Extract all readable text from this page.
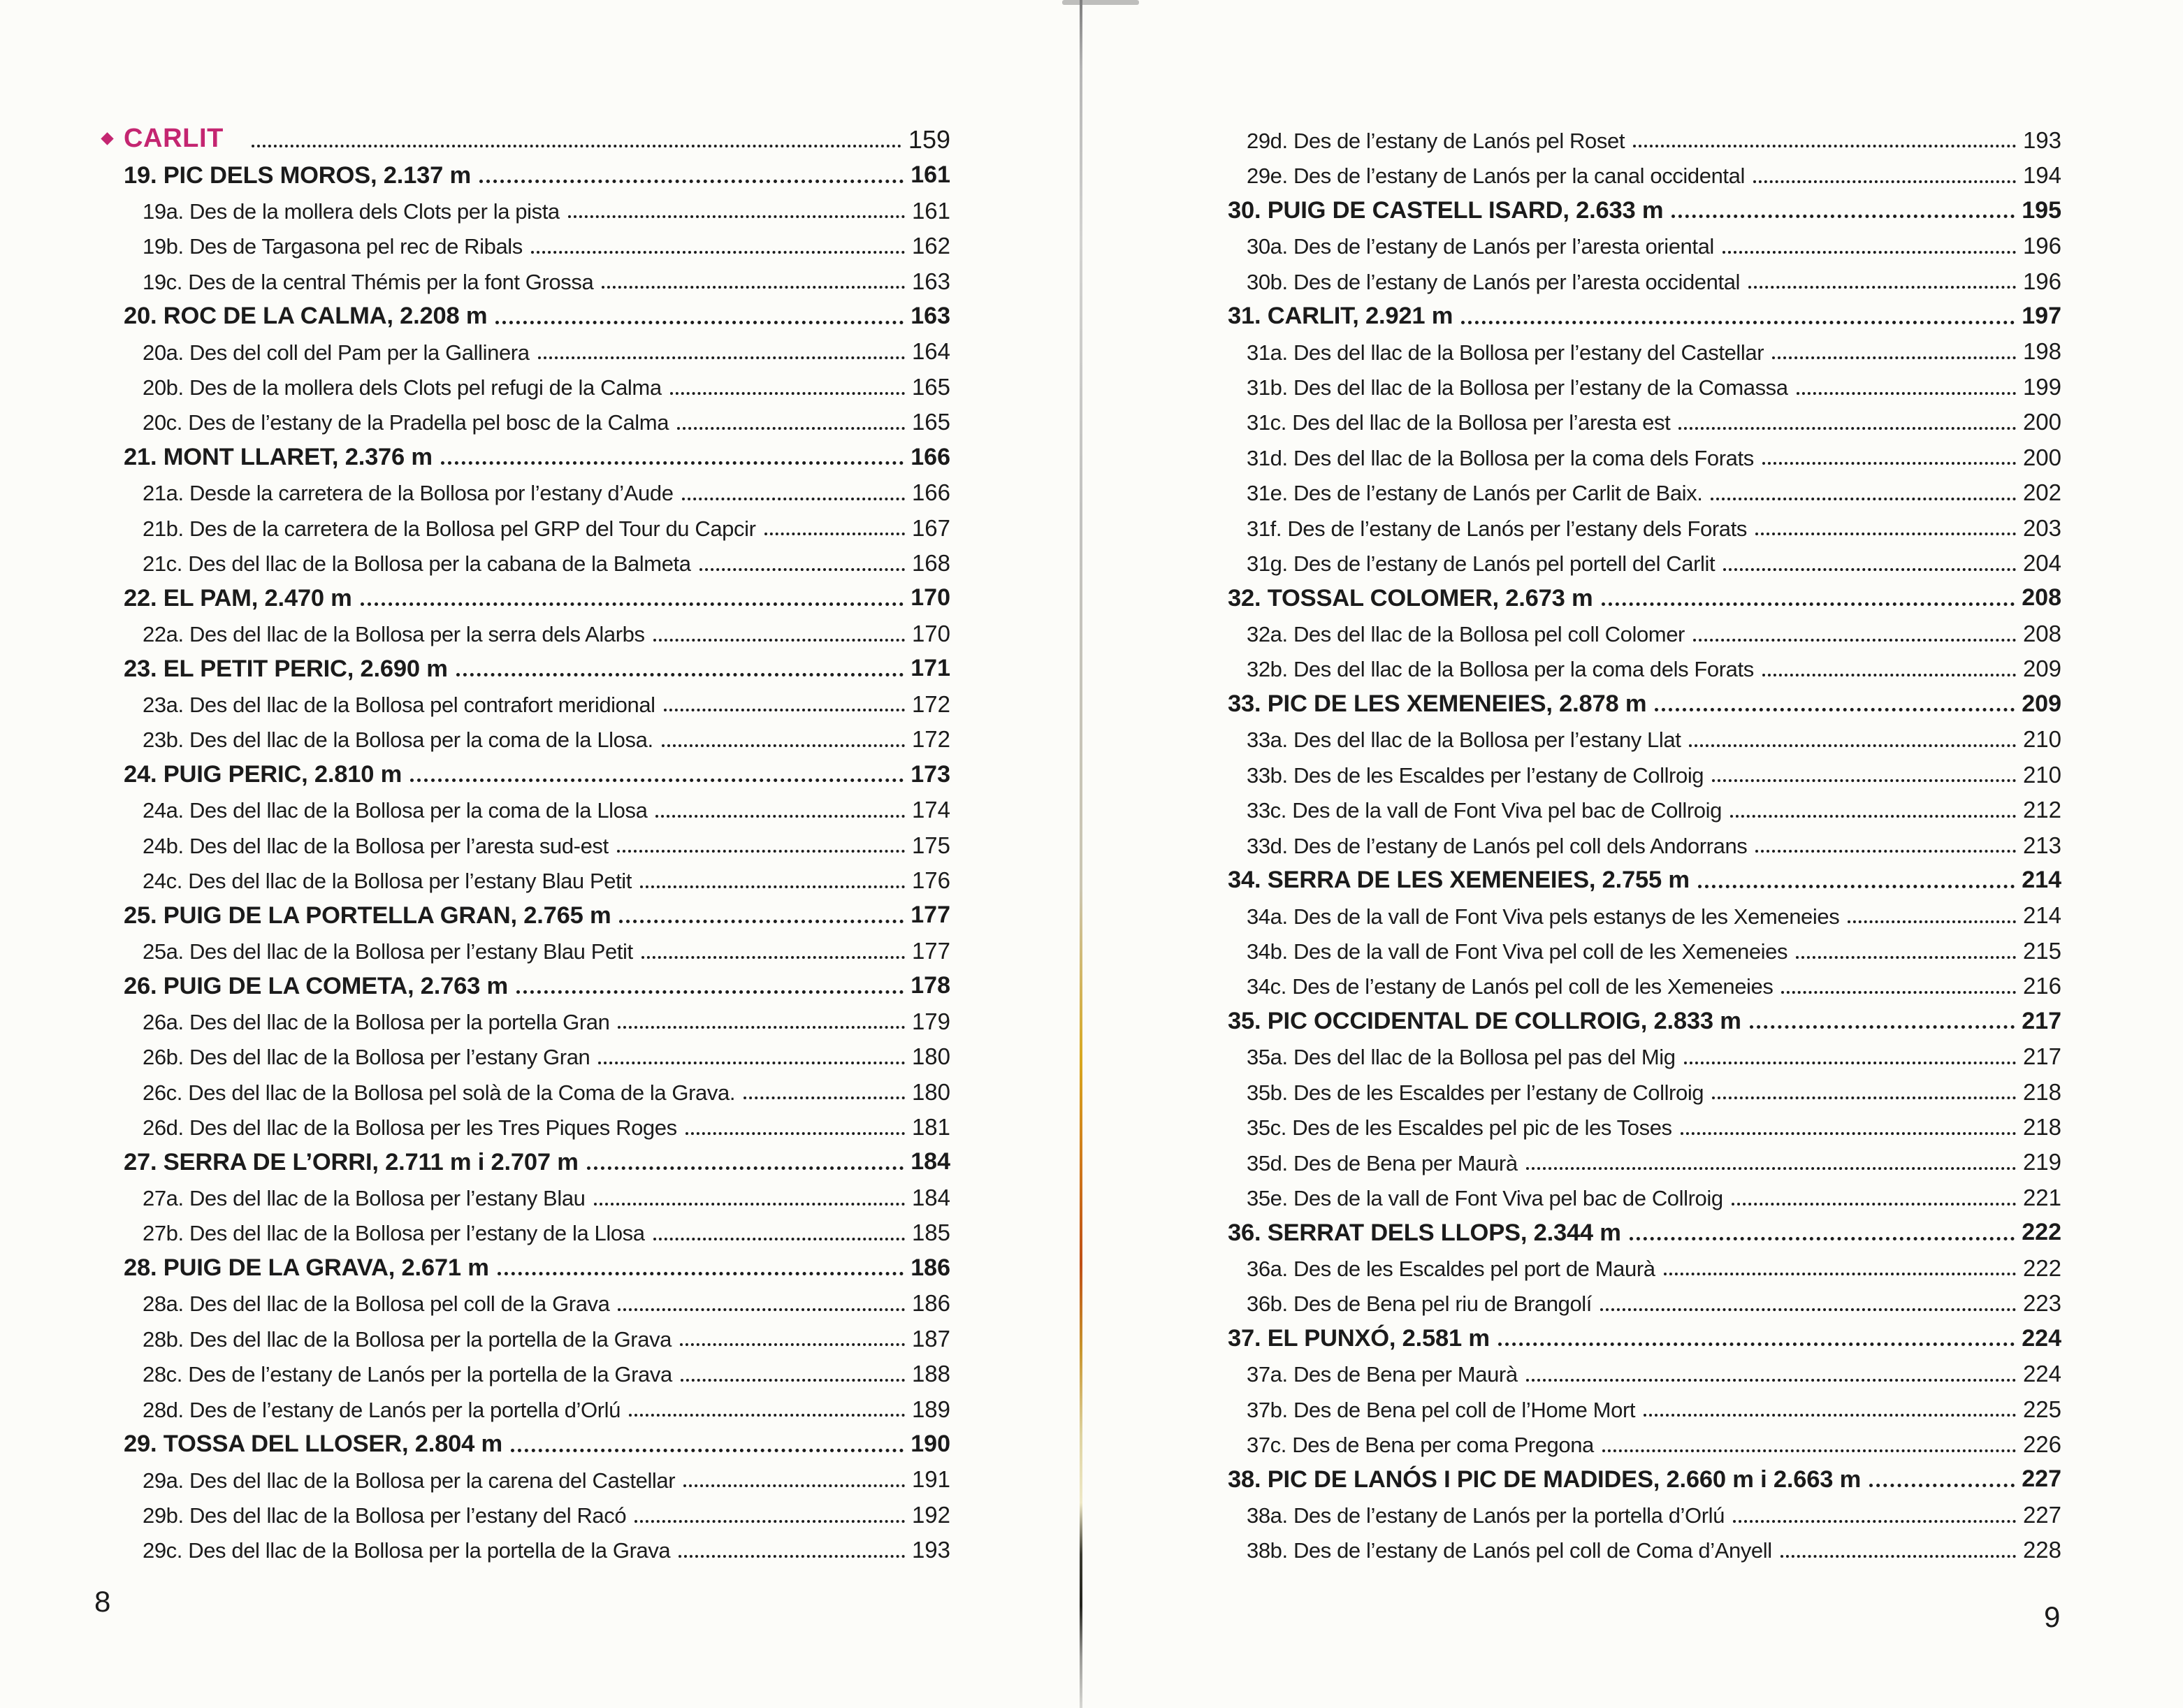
CARLIT	159
19. PIC DELS MOROS, 2.137 m	161
19a. Des de la mollera dels Clots per la pista	161
19b. Des de Targasona pel rec de Ribals	162
19c. Des de la central Thémis per la font Grossa	163
20. ROC DE LA CALMA, 2.208 m	163
20a. Des del coll del Pam per la Gallinera	164
20b. Des de la mollera dels Clots pel refugi de la Calma	165
20c. Des de l’estany de la Pradella pel bosc de la Calma	165
21. MONT LLARET, 2.376 m	166
21a. Desde la carretera de la Bollosa por l’estany d’Aude	166
21b. Des de la carretera de la Bollosa pel GRP del Tour du Capcir	167
21c. Des del llac de la Bollosa per la cabana de la Balmeta	168
22. EL PAM, 2.470 m	170
22a. Des del llac de la Bollosa per la serra dels Alarbs	170
23. EL PETIT PERIC, 2.690 m	171
23a. Des del llac de la Bollosa pel contrafort meridional	172
23b. Des del llac de la Bollosa per la coma de la Llosa.	172
24. PUIG PERIC, 2.810 m	173
24a. Des del llac de la Bollosa per la coma de la Llosa	174
24b. Des del llac de la Bollosa per l’aresta sud-est	175
24c. Des del llac de la Bollosa per l’estany Blau Petit	176
25. PUIG DE LA PORTELLA GRAN, 2.765 m	177
25a. Des del llac de la Bollosa per l’estany Blau Petit	177
26. PUIG DE LA COMETA, 2.763 m	178
26a. Des del llac de la Bollosa per la portella Gran	179
26b. Des del llac de la Bollosa per l’estany Gran	180
26c. Des del llac de la Bollosa pel solà de la Coma de la Grava.	180
26d. Des del llac de la Bollosa per les Tres Piques Roges	181
27. SERRA DE L’ORRI, 2.711 m i 2.707 m	184
27a. Des del llac de la Bollosa per l’estany Blau	184
27b. Des del llac de la Bollosa per l’estany de la Llosa	185
28. PUIG DE LA GRAVA, 2.671 m	186
28a. Des del llac de la Bollosa pel coll de la Grava	186
28b. Des del llac de la Bollosa per la portella de la Grava	187
28c. Des de l’estany de Lanós per la portella de la Grava	188
28d. Des de l’estany de Lanós per la portella d’Orlú	189
29. TOSSA DEL LLOSER, 2.804 m	190
29a. Des del llac de la Bollosa per la carena del Castellar	191
29b. Des del llac de la Bollosa per l’estany del Racó	192
29c. Des del llac de la Bollosa per la portella de la Grava	193
29d. Des de l’estany de Lanós pel Roset	193
29e. Des de l’estany de Lanós per la canal occidental	194
30. PUIG DE CASTELL ISARD, 2.633 m	195
30a. Des de l’estany de Lanós per l’aresta oriental	196
30b. Des de l’estany de Lanós per l’aresta occidental	196
31. CARLIT, 2.921 m	197
31a. Des del llac de la Bollosa per l’estany del Castellar	198
31b. Des del llac de la Bollosa per l’estany de la Comassa	199
31c. Des del llac de la Bollosa per l’aresta est	200
31d. Des del llac de la Bollosa per la coma dels Forats	200
31e. Des de l’estany de Lanós per Carlit de Baix.	202
31f. Des de l’estany de Lanós per l’estany dels Forats	203
31g. Des de l’estany de Lanós pel portell del Carlit	204
32. TOSSAL COLOMER, 2.673 m	208
32a. Des del llac de la Bollosa pel coll Colomer	208
32b. Des del llac de la Bollosa per la coma dels Forats	209
33. PIC DE LES XEMENEIES, 2.878 m	209
33a. Des del llac de la Bollosa per l’estany Llat	210
33b. Des de les Escaldes per l’estany de Collroig	210
33c. Des de la vall de Font Viva pel bac de Collroig	212
33d. Des de l’estany de Lanós pel coll dels Andorrans	213
34. SERRA DE LES XEMENEIES, 2.755 m	214
34a. Des de la vall de Font Viva pels estanys de les Xemeneies	214
34b. Des de la vall de Font Viva pel coll de les Xemeneies	215
34c. Des de l’estany de Lanós pel coll de les Xemeneies	216
35. PIC OCCIDENTAL DE COLLROIG, 2.833 m	217
35a. Des del llac de la Bollosa pel pas del Mig	217
35b. Des de les Escaldes per l’estany de Collroig	218
35c. Des de les Escaldes pel pic de les Toses	218
35d. Des de Bena per Maurà	219
35e. Des de la vall de Font Viva pel bac de Collroig	221
36. SERRAT DELS LLOPS, 2.344 m	222
36a. Des de les Escaldes pel port de Maurà	222
36b. Des de Bena pel riu de Brangolí	223
37. EL PUNXÓ, 2.581 m	224
37a. Des de Bena per Maurà	224
37b. Des de Bena pel coll de l’Home Mort	225
37c. Des de Bena per coma Pregona	226
38. PIC DE LANÓS I PIC DE MADIDES, 2.660 m i 2.663 m	227
38a. Des de l’estany de Lanós per la portella d’Orlú	227
38b. Des de l’estany de Lanós pel coll de Coma d’Anyell	228
8	9
